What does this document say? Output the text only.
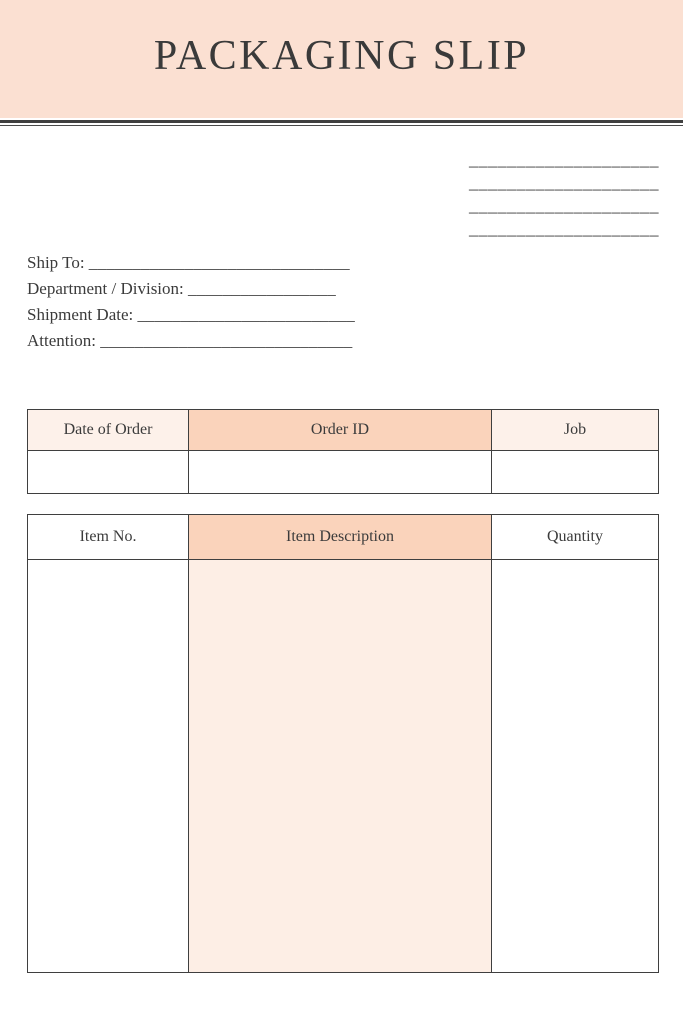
PACKAGING SLIP
____________________
____________________
____________________
____________________
Ship To: ______________________________
Department / Division: _________________
Shipment Date: _________________________
Attention: _____________________________
Date of Order	Order ID	Job

Item No.	Item Description	Quantity
